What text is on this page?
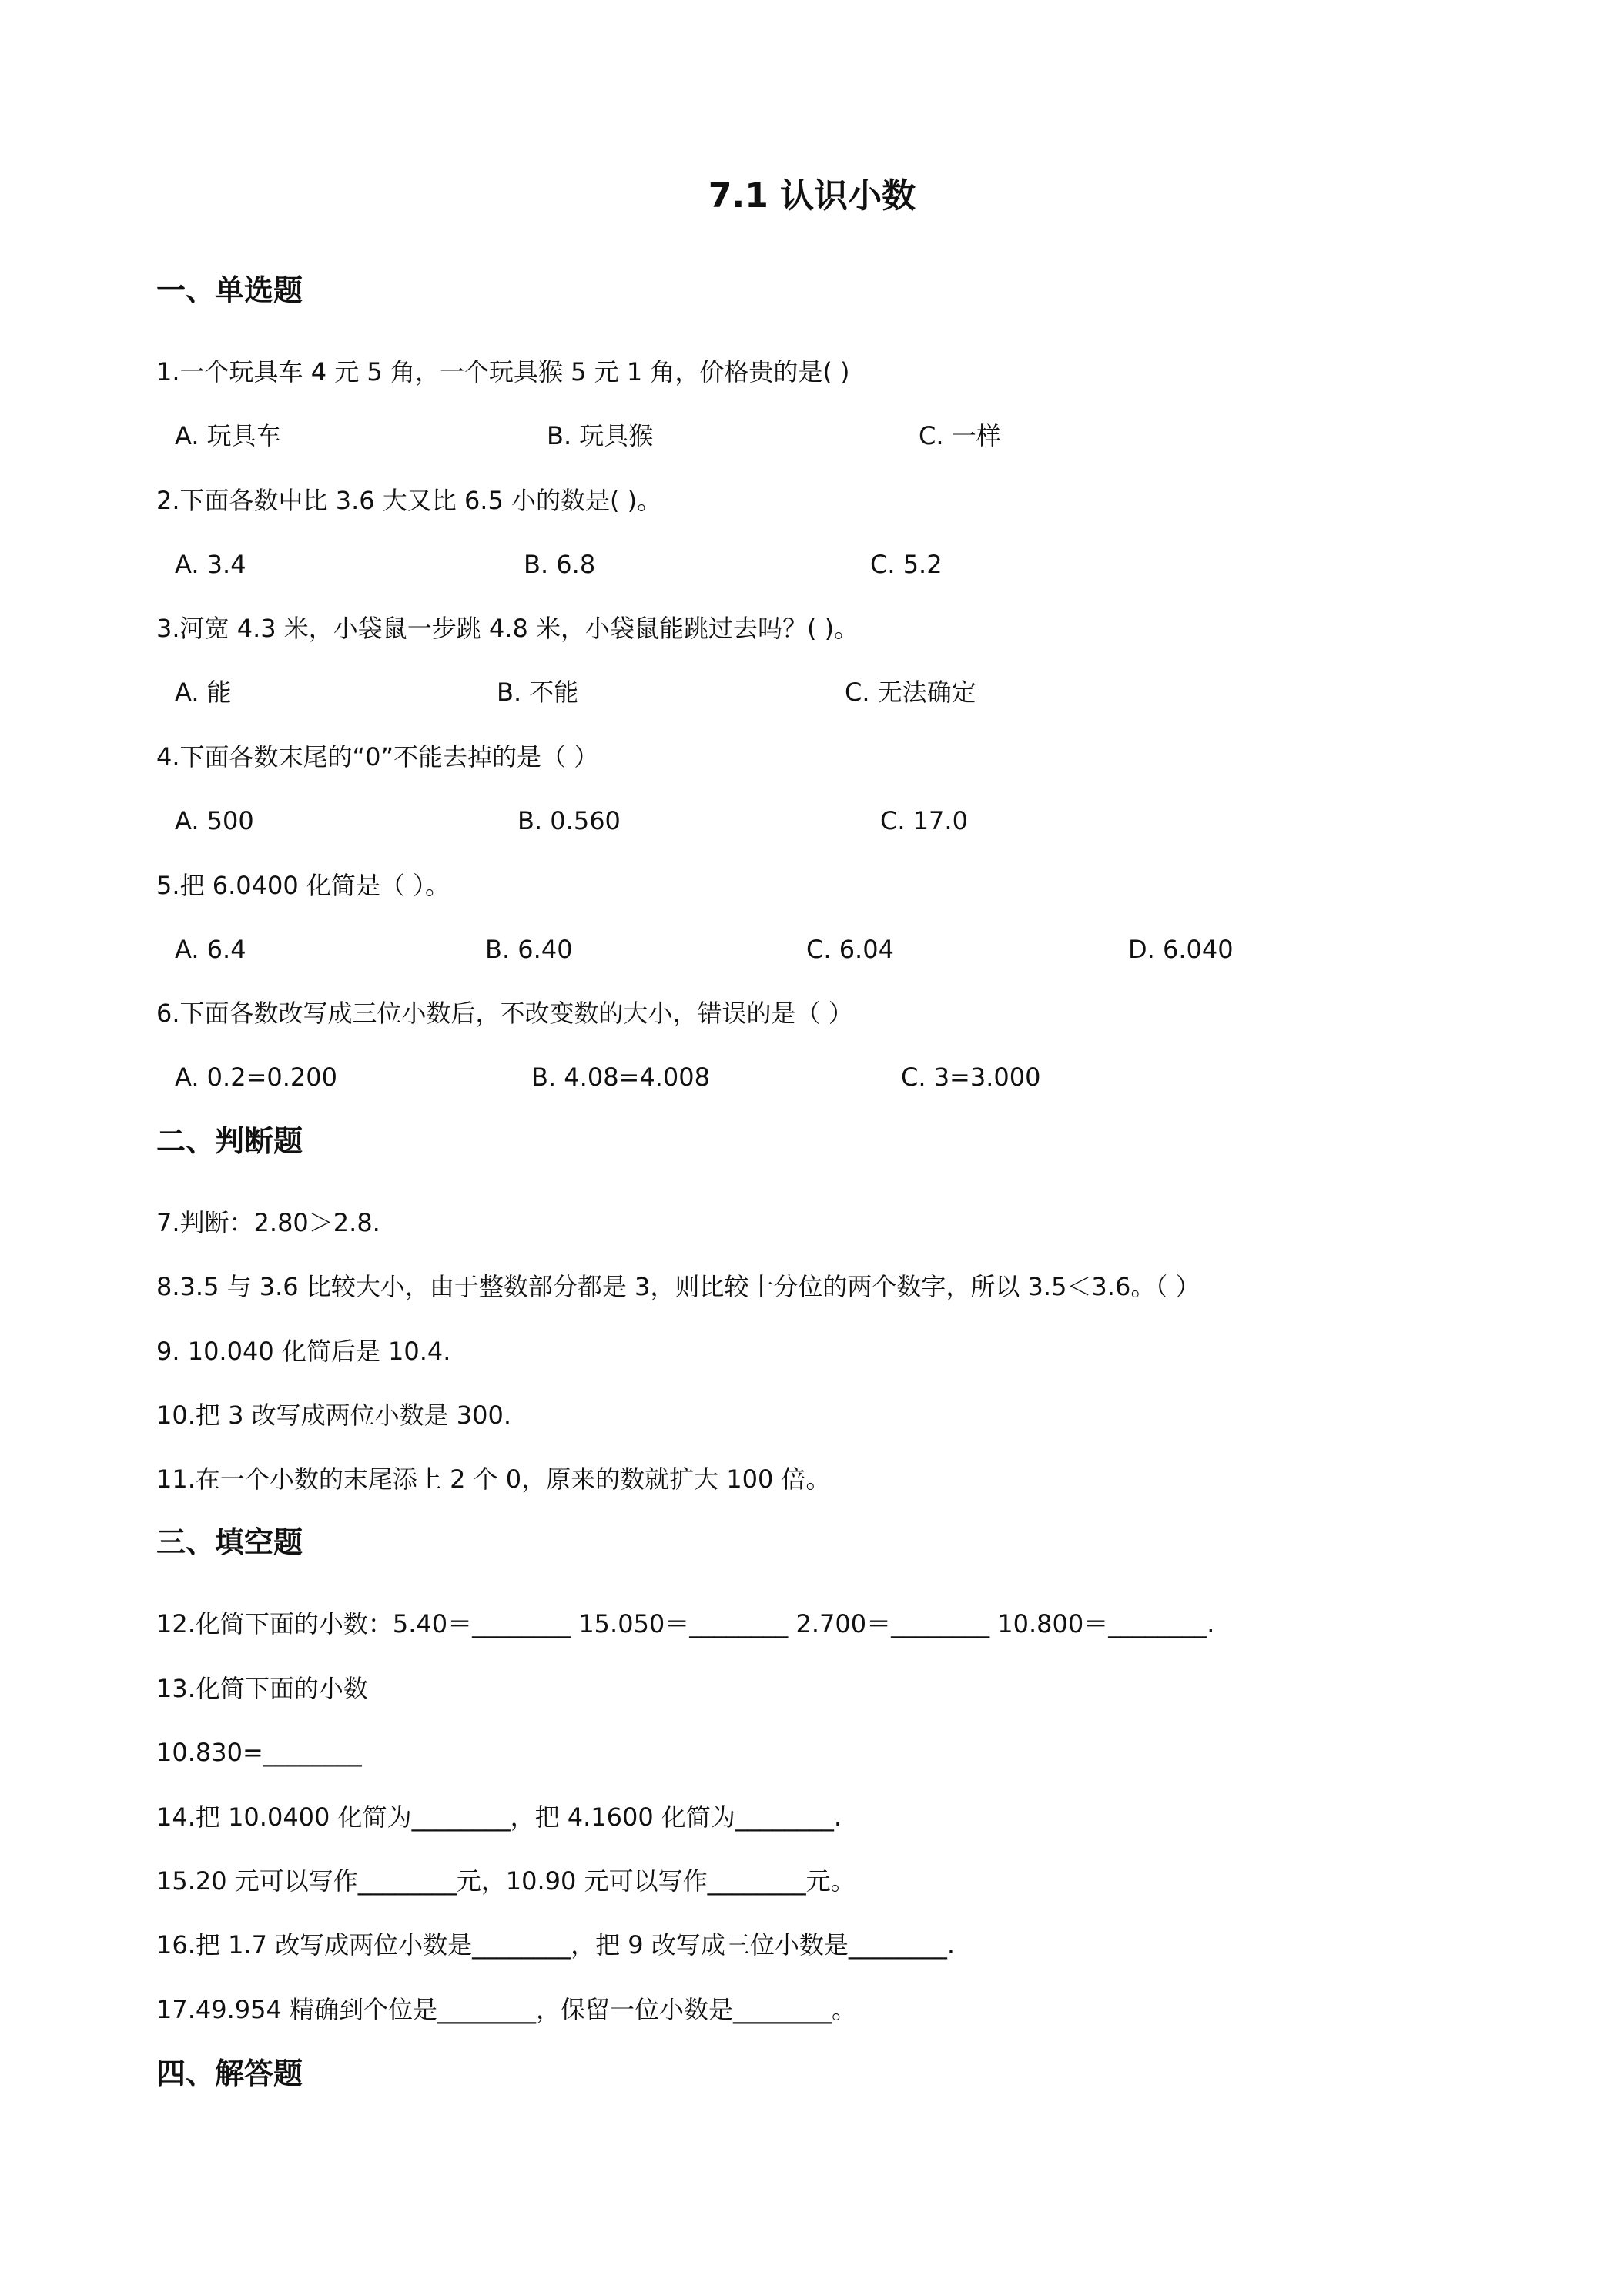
7.1 认识小数
一、单选题
1.一个玩具车 4 元 5 角，一个玩具猴 5 元 1 角，价格贵的是( )
A. 玩具车	B. 玩具猴	C. 一样
2.下面各数中比 3.6 大又比 6.5 小的数是( )。
A. 3.4	B. 6.8	C. 5.2
3.河宽 4.3 米，小袋鼠一步跳 4.8 米，小袋鼠能跳过去吗？( )。
A. 能	B. 不能	C. 无法确定
4.下面各数末尾的“0”不能去掉的是（ ）
A. 500	B. 0.560	C. 17.0
5.把 6.0400 化简是（ ）。
A. 6.4	B. 6.40	C. 6.04	D. 6.040
6.下面各数改写成三位小数后，不改变数的大小，错误的是（ ）
A. 0.2=0.200	B. 4.08=4.008	C. 3=3.000
二、判断题
7.判断：2.80＞2.8.
8.3.5 与 3.6 比较大小，由于整数部分都是 3，则比较十分位的两个数字，所以 3.5＜3.6。（ ）
9. 10.040 化简后是 10.4.
10.把 3 改写成两位小数是 300.
11.在一个小数的末尾添上 2 个 0，原来的数就扩大 100 倍。
三、填空题
12.化简下面的小数：5.40＝________ 15.050＝________ 2.700＝________ 10.800＝________.
13.化简下面的小数
10.830=________
14.把 10.0400 化简为________，把 4.1600 化简为________.
15.20 元可以写作________元，10.90 元可以写作________元。
16.把 1.7 改写成两位小数是________，把 9 改写成三位小数是________.
17.49.954 精确到个位是________，保留一位小数是________。
四、解答题
